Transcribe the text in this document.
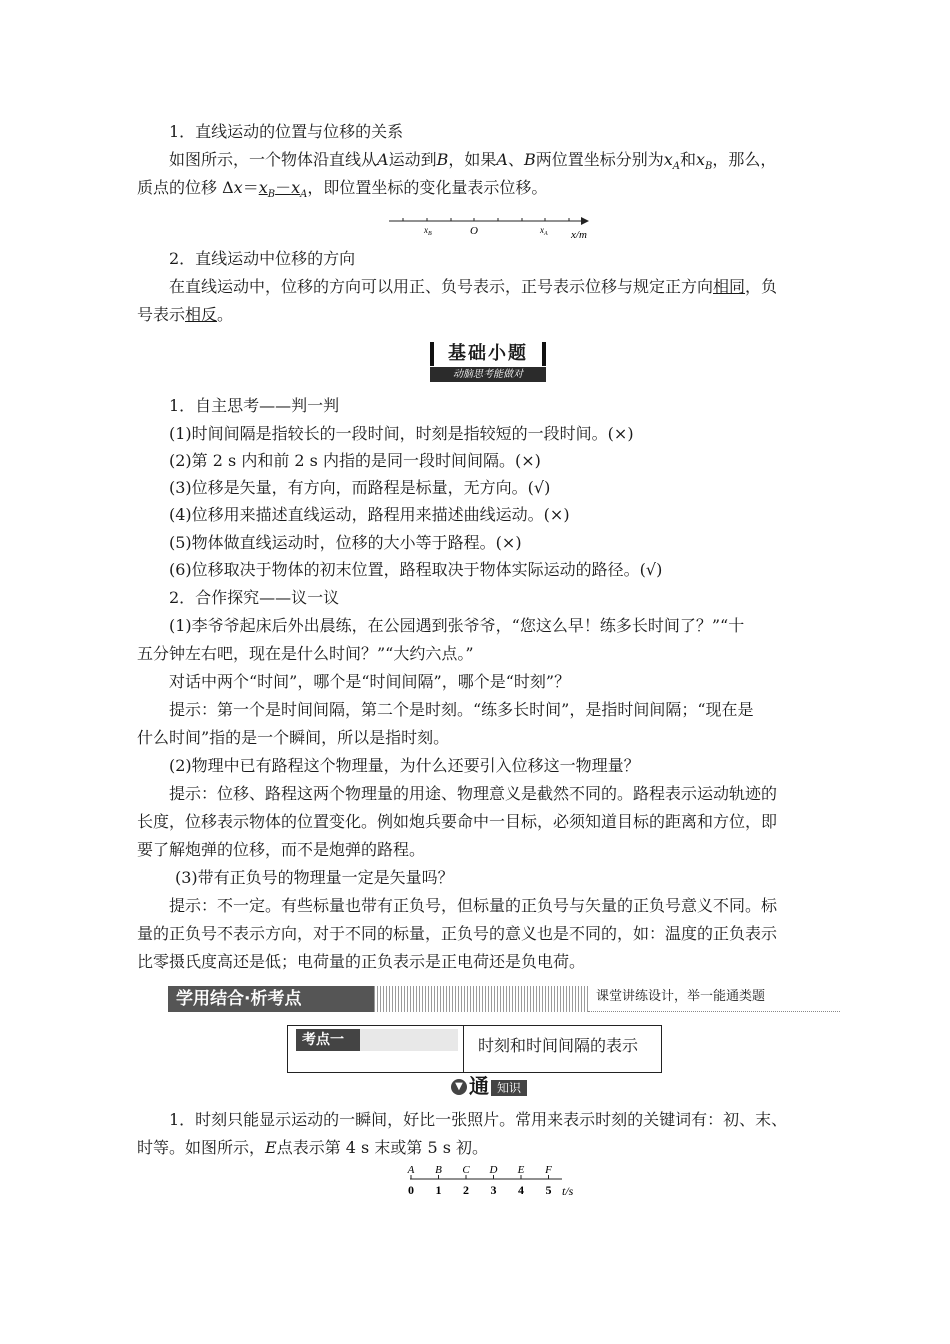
1．直线运动的位置与位移的关系

如图所示，一个物体沿直线从A运动到B，如果A、B两位置坐标分别为$x_A$和$x_B$，那么，

质点的位移 $\Delta x=x_B-x_A$，即位置坐标的变化量表示位移。

$x_B$	O	$x_A$ x/m

2．直线运动中位移的方向

在直线运动中，位移的方向可以用正、负号表示，正号表示位移与规定正方向相同，负

号表示相反。

基础小题
动脑思考能做对

1．自主思考——判一判

(1)时间间隔是指较长的一段时间，时刻是指较短的一段时间。(×)

(2)第 2 s 内和前 2 s 内指的是同一段时间间隔。(×)

(3)位移是矢量，有方向，而路程是标量，无方向。(√)

(4)位移用来描述直线运动，路程用来描述曲线运动。(×)

(5)物体做直线运动时，位移的大小等于路程。(×)

(6)位移取决于物体的初末位置，路程取决于物体实际运动的路径。(√)

2．合作探究——议一议

(1)李爷爷起床后外出晨练，在公园遇到张爷爷，“您这么早！练多长时间了？”“十

五分钟左右吧，现在是什么时间？”“大约六点。”

对话中两个“时间”，哪个是“时间间隔”，哪个是“时刻”？

提示：第一个是时间间隔，第二个是时刻。“练多长时间”，是指时间间隔；“现在是

什么时间”指的是一个瞬间，所以是指时刻。

(2)物理中已有路程这个物理量，为什么还要引入位移这一物理量？

提示：位移、路程这两个物理量的用途、物理意义是截然不同的。路程表示运动轨迹的

长度，位移表示物体的位置变化。例如炮兵要命中一目标，必须知道目标的距离和方位，即

要了解炮弹的位移，而不是炮弹的路程。

(3)带有正负号的物理量一定是矢量吗？

提示：不一定。有些标量也带有正负号，但标量的正负号与矢量的正负号意义不同。标

量的正负号不表示方向，对于不同的标量，正负号的意义也是不同的，如：温度的正负表示

比零摄氏度高还是低；电荷量的正负表示是正电荷还是负电荷。

学用结合·析考点	课堂讲练设计，举一能通类题
考点一	时刻和时间间隔的表示
▼ 通 知识

1．时刻只能显示运动的一瞬间，好比一张照片。常用来表示时刻的关键词有：初、末、

时等。如图所示，E点表示第 4 s 末或第 5 s 初。

A
0
B
1
C
2
D
3
E
4
F
5 t/s
